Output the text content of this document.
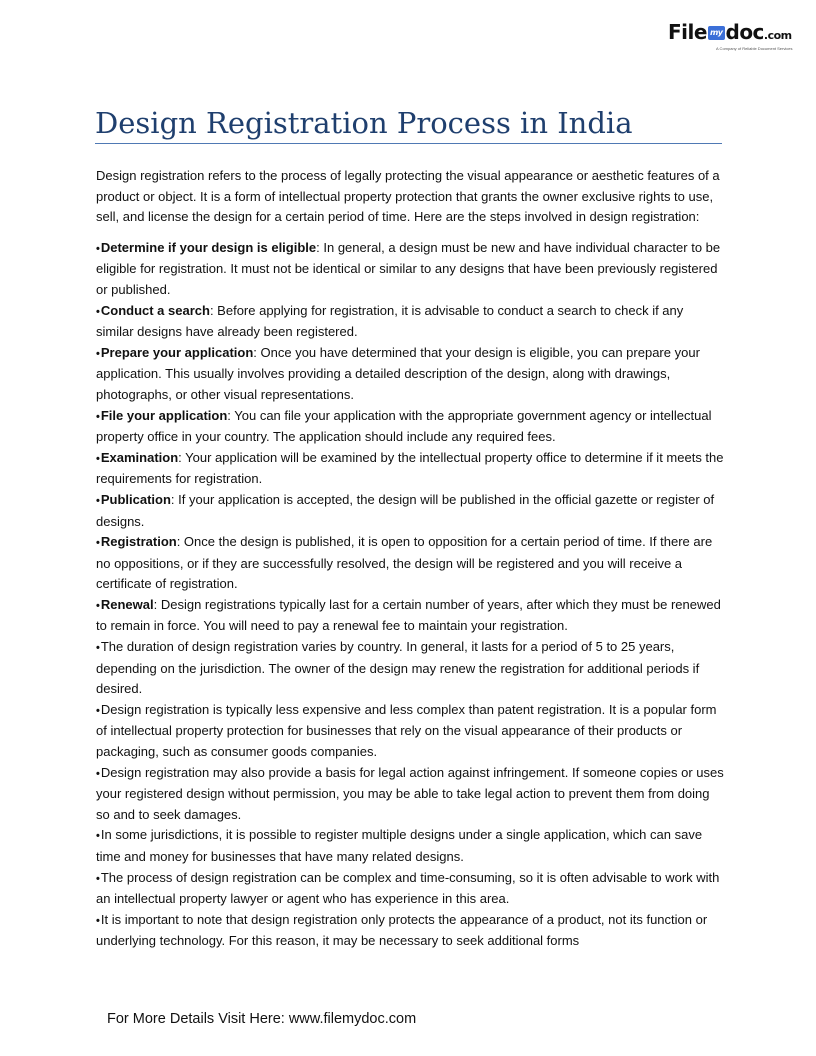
File my doc.com
A Company of Reliable Document Services
Design Registration Process in India

Design registration refers to the process of legally protecting the visual appearance or aesthetic features of a product or object. It is a form of intellectual property protection that grants the owner exclusive rights to use, sell, and license the design for a certain period of time. Here are the steps involved in design registration:

•Determine if your design is eligible: In general, a design must be new and have individual character to be eligible for registration. It must not be identical or similar to any designs that have been previously registered or published.
•Conduct a search: Before applying for registration, it is advisable to conduct a search to check if any similar designs have already been registered.
•Prepare your application: Once you have determined that your design is eligible, you can prepare your application. This usually involves providing a detailed description of the design, along with drawings, photographs, or other visual representations.
•File your application: You can file your application with the appropriate government agency or intellectual property office in your country. The application should include any required fees.
•Examination: Your application will be examined by the intellectual property office to determine if it meets the requirements for registration.
•Publication: If your application is accepted, the design will be published in the official gazette or register of designs.
•Registration: Once the design is published, it is open to opposition for a certain period of time. If there are no oppositions, or if they are successfully resolved, the design will be registered and you will receive a certificate of registration.
•Renewal: Design registrations typically last for a certain number of years, after which they must be renewed to remain in force. You will need to pay a renewal fee to maintain your registration.
•The duration of design registration varies by country. In general, it lasts for a period of 5 to 25 years, depending on the jurisdiction. The owner of the design may renew the registration for additional periods if desired.
•Design registration is typically less expensive and less complex than patent registration. It is a popular form of intellectual property protection for businesses that rely on the visual appearance of their products or packaging, such as consumer goods companies.
•Design registration may also provide a basis for legal action against infringement. If someone copies or uses your registered design without permission, you may be able to take legal action to prevent them from doing so and to seek damages.
•In some jurisdictions, it is possible to register multiple designs under a single application, which can save time and money for businesses that have many related designs.
•The process of design registration can be complex and time-consuming, so it is often advisable to work with an intellectual property lawyer or agent who has experience in this area.
•It is important to note that design registration only protects the appearance of a product, not its function or underlying technology. For this reason, it may be necessary to seek additional forms
For More Details Visit Here: www.filemydoc.com
